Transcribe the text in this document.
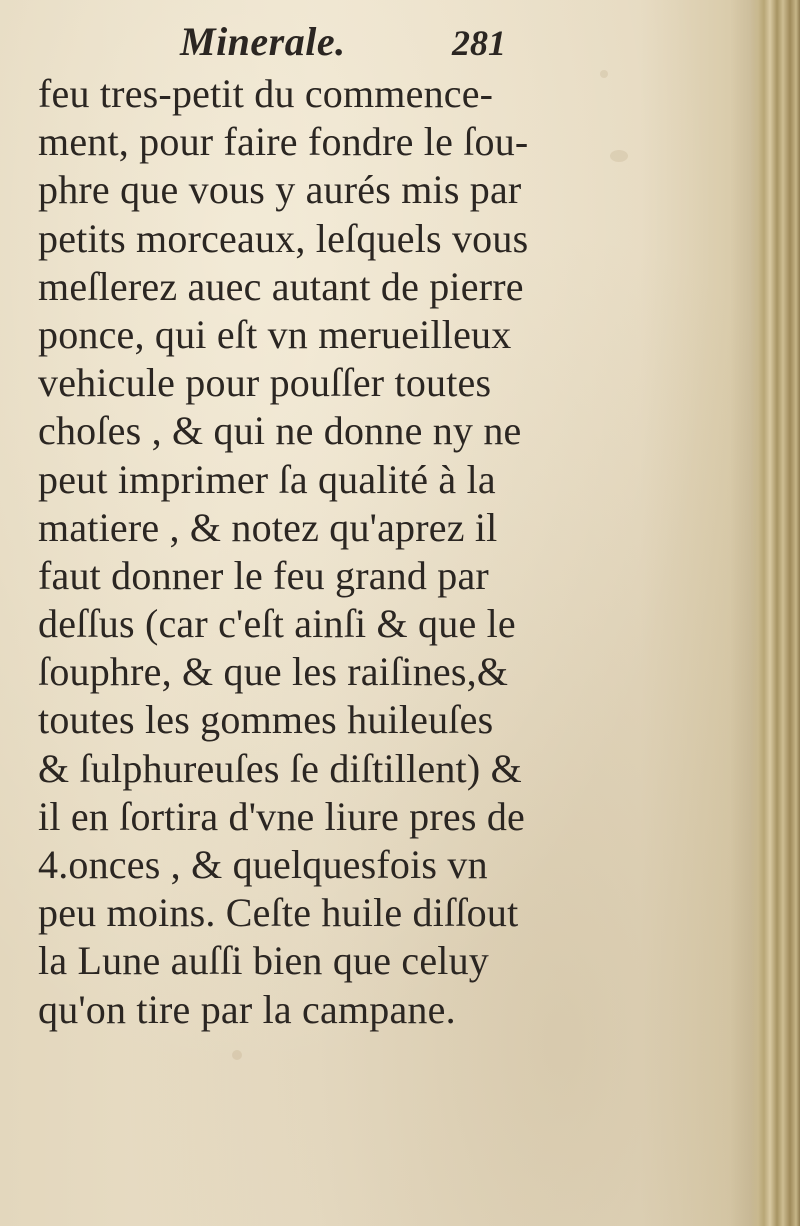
Minerale.	281
feu tres-petit du commence-
ment, pour faire fondre le ſou-
phre que vous y aurés mis par
petits morceaux, leſquels vous
meſlerez auec autant de pierre
ponce, qui eſt vn merueilleux
vehicule pour pouſſer toutes
choſes , & qui ne donne ny ne
peut imprimer ſa qualité à la
matiere , & notez qu'aprez il
faut donner le feu grand par
deſſus (car c'eſt ainſi & que le
ſouphre, & que les raiſines,&
toutes les gommes huileuſes
& ſulphureuſes ſe diſtillent) &
il en ſortira d'vne liure pres de
4.onces , & quelquesfois vn
peu moins. Ceſte huile diſſout
la Lune auſſi bien que celuy
qu'on tire par la campane.
